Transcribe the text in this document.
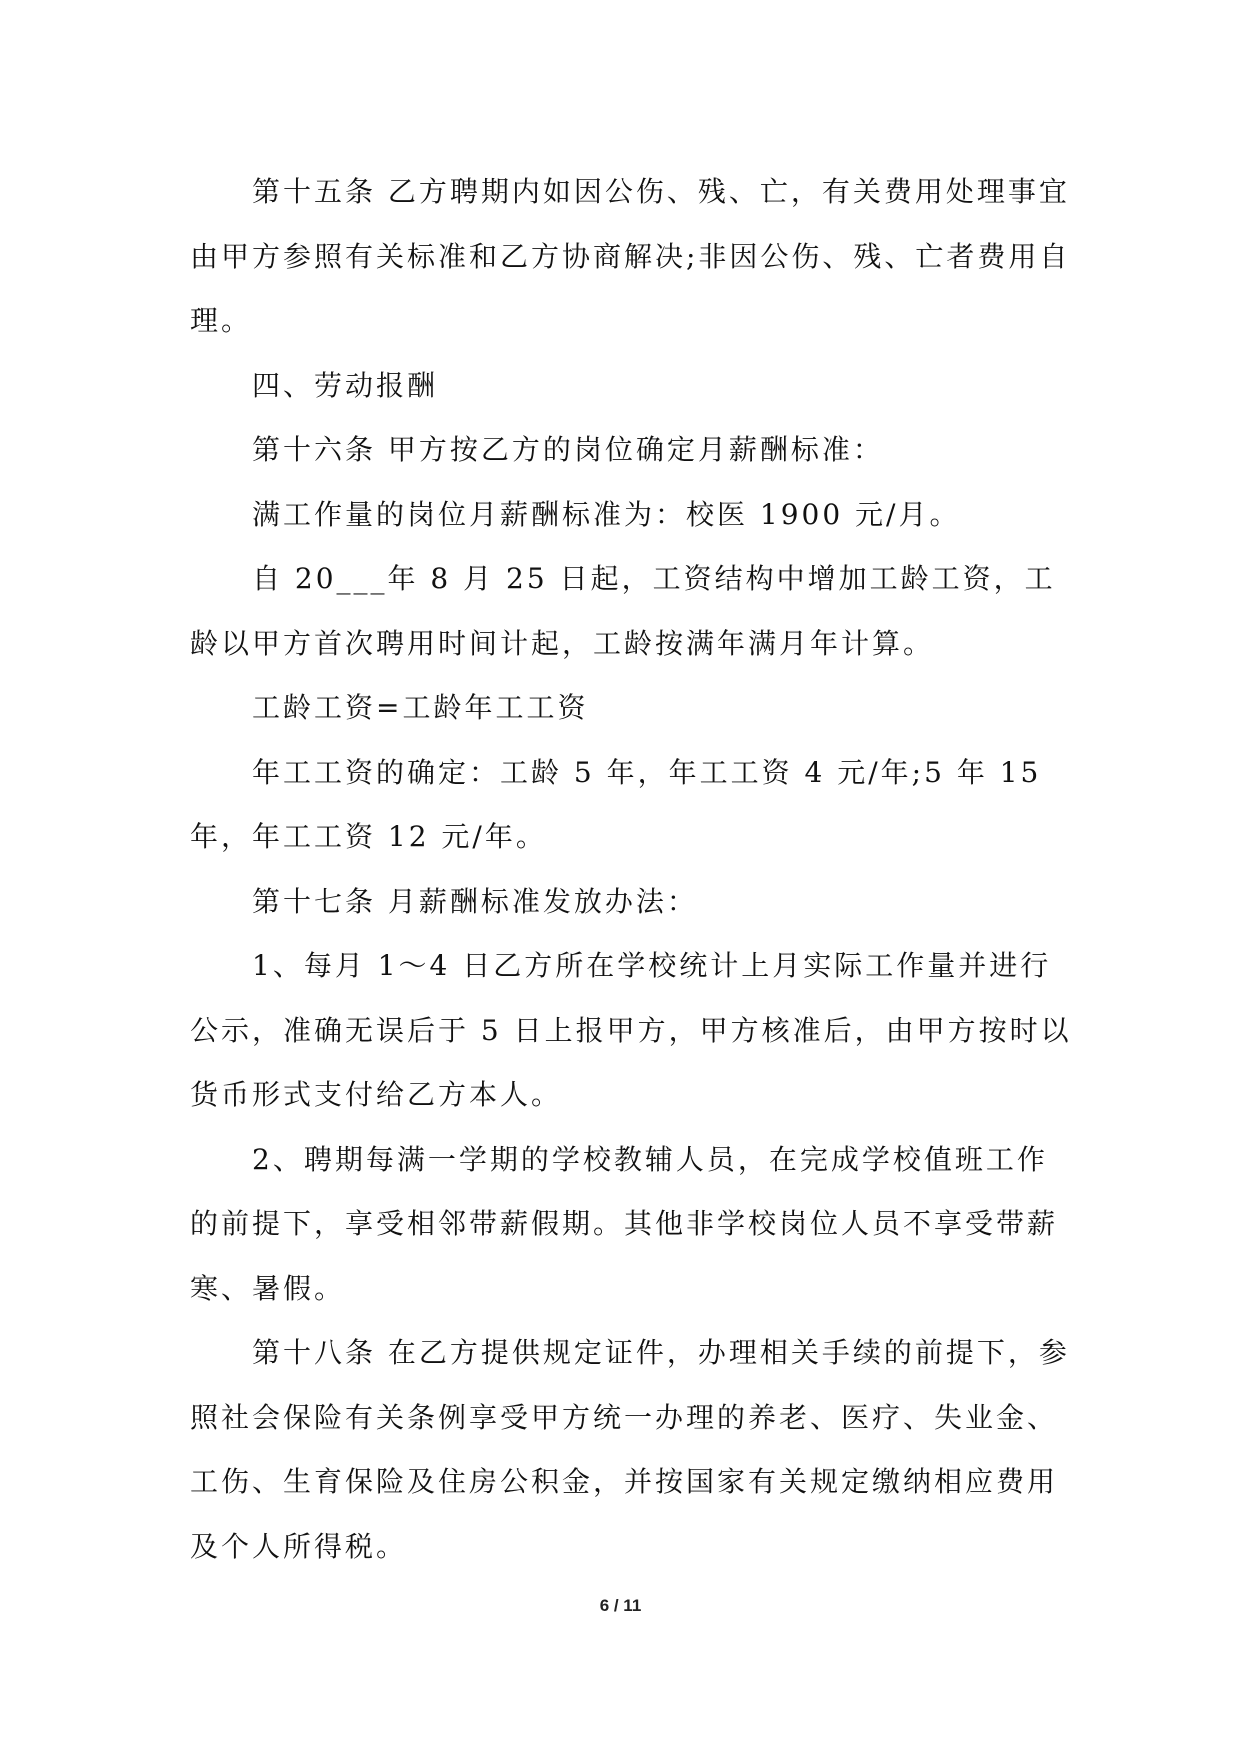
第十五条 乙方聘期内如因公伤、残、亡，有关费用处理事宜由甲方参照有关标准和乙方协商解决;非因公伤、残、亡者费用自理。

四、劳动报酬

第十六条 甲方按乙方的岗位确定月薪酬标准：

满工作量的岗位月薪酬标准为：校医 1900 元/月。

自 20___年 8 月 25 日起，工资结构中增加工龄工资，工龄以甲方首次聘用时间计起，工龄按满年满月年计算。

工龄工资=工龄年工工资

年工工资的确定：工龄 5 年，年工工资 4 元/年;5 年 15 年，年工工资 12 元/年。

第十七条 月薪酬标准发放办法：

1、每月 1～4 日乙方所在学校统计上月实际工作量并进行公示，准确无误后于 5 日上报甲方，甲方核准后，由甲方按时以货币形式支付给乙方本人。

2、聘期每满一学期的学校教辅人员，在完成学校值班工作的前提下，享受相邻带薪假期。其他非学校岗位人员不享受带薪寒、暑假。

第十八条 在乙方提供规定证件，办理相关手续的前提下，参照社会保险有关条例享受甲方统一办理的养老、医疗、失业金、工伤、生育保险及住房公积金，并按国家有关规定缴纳相应费用及个人所得税。

6 / 11
